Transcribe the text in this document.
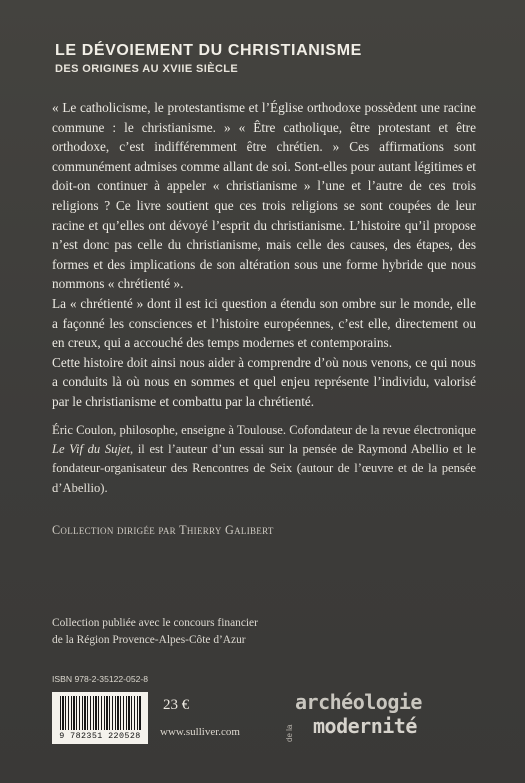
LE DÉVOIEMENT DU CHRISTIANISME
DES ORIGINES AU XVIIE SIÈCLE

« Le catholicisme, le protestantisme et l’Église orthodoxe possèdent une racine commune : le christianisme. » « Être catholique, être protestant et être orthodoxe, c’est indifféremment être chrétien. » Ces affirmations sont communément admises comme allant de soi. Sont-elles pour autant légitimes et doit-on continuer à appeler « christianisme » l’une et l’autre de ces trois religions ? Ce livre soutient que ces trois religions se sont coupées de leur racine et qu’elles ont dévoyé l’esprit du christianisme. L’histoire qu’il propose n’est donc pas celle du christianisme, mais celle des causes, des étapes, des formes et des implications de son altération sous une forme hybride que nous nommons « chrétienté ».

La « chrétienté » dont il est ici question a étendu son ombre sur le monde, elle a façonné les consciences et l’histoire européennes, c’est elle, directement ou en creux, qui a accouché des temps modernes et contemporains.

Cette histoire doit ainsi nous aider à comprendre d’où nous venons, ce qui nous a conduits là où nous en sommes et quel enjeu représente l’individu, valorisé par le christianisme et combattu par la chrétienté.

Éric Coulon, philosophe, enseigne à Toulouse. Cofondateur de la revue électronique Le Vif du Sujet, il est l’auteur d’un essai sur la pensée de Raymond Abellio et le fondateur-organisateur des Rencontres de Seix (autour de l’œuvre et de la pensée d’Abellio).

Collection dirigée par Thierry Galibert
Collection publiée avec le concours financier
de la Région Provence-Alpes-Côte d’Azur
ISBN 978-2-35122-052-8
9 782351 220528
23 €
www.sulliver.com
archéologie
de la modernité
